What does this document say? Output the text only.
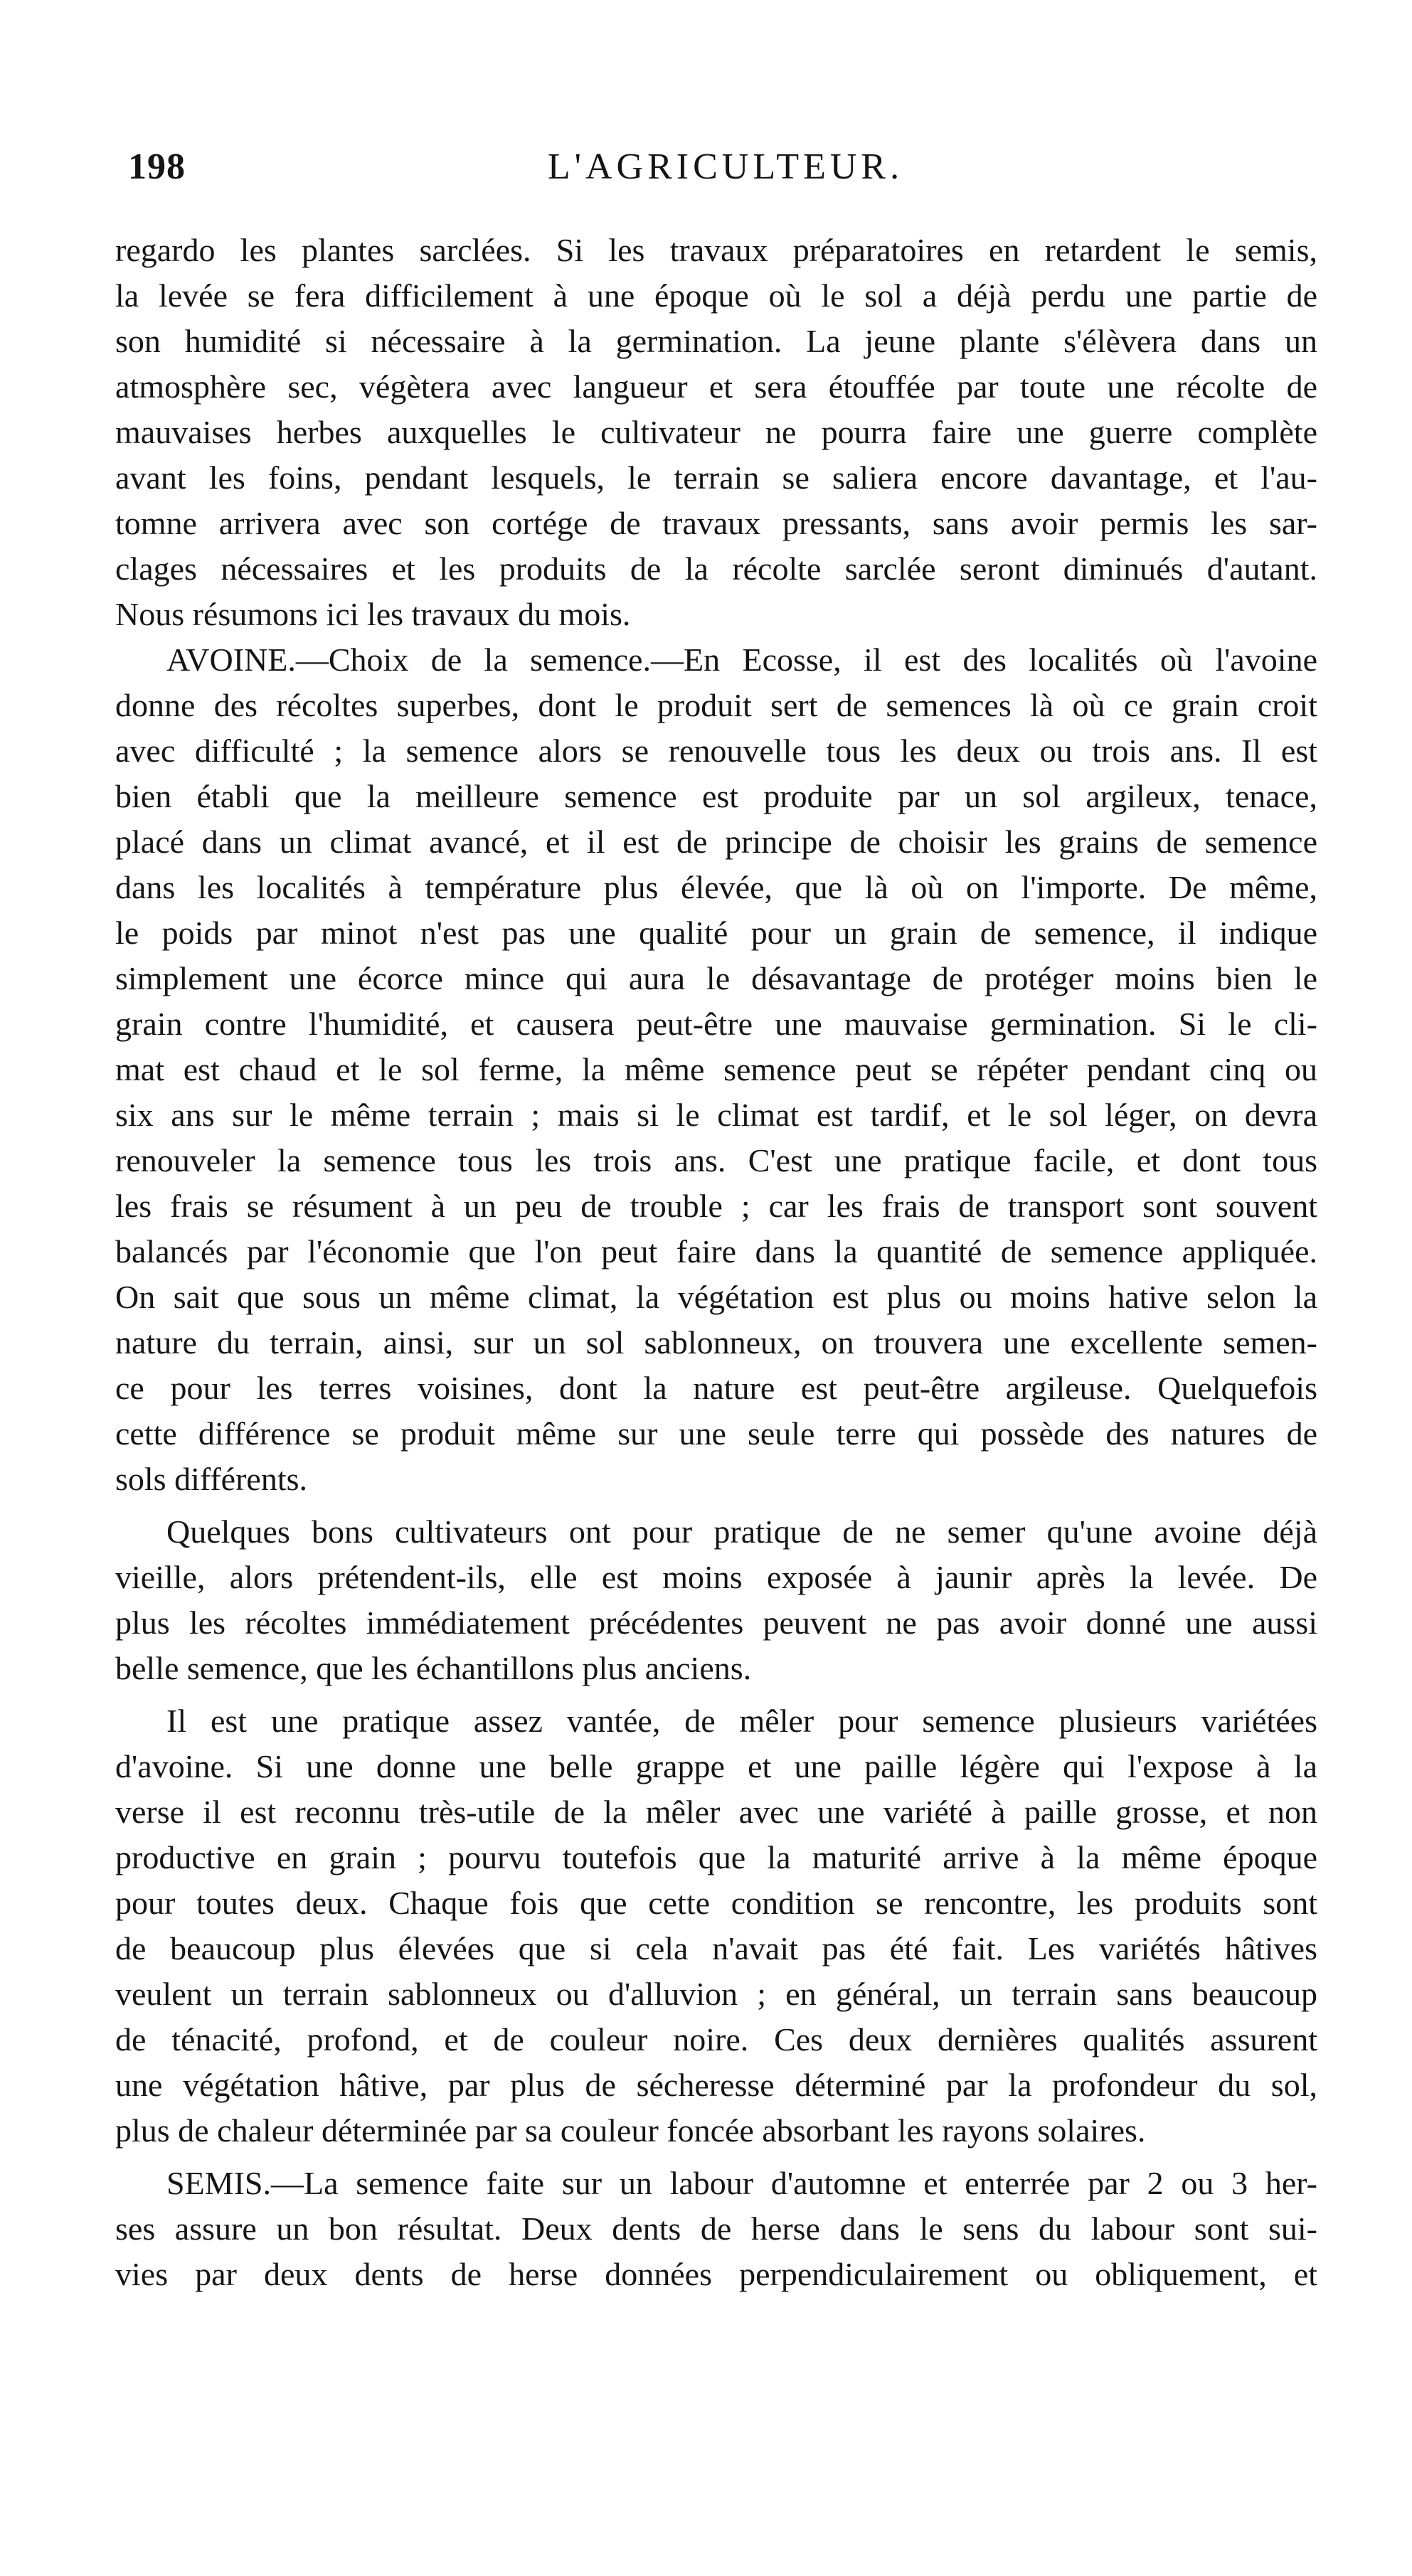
198	L'AGRICULTEUR.
regardo les plantes sarclées. Si les travaux préparatoires en retardent le semis,
la levée se fera difficilement à une époque où le sol a déjà perdu une partie de
son humidité si nécessaire à la germination. La jeune plante s'élèvera dans un
atmosphère sec, végètera avec langueur et sera étouffée par toute une récolte de
mauvaises herbes auxquelles le cultivateur ne pourra faire une guerre complète
avant les foins, pendant lesquels, le terrain se saliera encore davantage, et l'au-
tomne arrivera avec son cortége de travaux pressants, sans avoir permis les sar-
clages nécessaires et les produits de la récolte sarclée seront diminués d'autant.
Nous résumons ici les travaux du mois.
AVOINE.—Choix de la semence.—En Ecosse, il est des localités où l'avoine
donne des récoltes superbes, dont le produit sert de semences là où ce grain croit
avec difficulté ; la semence alors se renouvelle tous les deux ou trois ans. Il est
bien établi que la meilleure semence est produite par un sol argileux, tenace,
placé dans un climat avancé, et il est de principe de choisir les grains de semence
dans les localités à température plus élevée, que là où on l'importe. De même,
le poids par minot n'est pas une qualité pour un grain de semence, il indique
simplement une écorce mince qui aura le désavantage de protéger moins bien le
grain contre l'humidité, et causera peut-être une mauvaise germination. Si le cli-
mat est chaud et le sol ferme, la même semence peut se répéter pendant cinq ou
six ans sur le même terrain ; mais si le climat est tardif, et le sol léger, on devra
renouveler la semence tous les trois ans. C'est une pratique facile, et dont tous
les frais se résument à un peu de trouble ; car les frais de transport sont souvent
balancés par l'économie que l'on peut faire dans la quantité de semence appliquée.
On sait que sous un même climat, la végétation est plus ou moins hative selon la
nature du terrain, ainsi, sur un sol sablonneux, on trouvera une excellente semen-
ce pour les terres voisines, dont la nature est peut-être argileuse. Quelquefois
cette différence se produit même sur une seule terre qui possède des natures de
sols différents.
Quelques bons cultivateurs ont pour pratique de ne semer qu'une avoine déjà
vieille, alors prétendent-ils, elle est moins exposée à jaunir après la levée. De
plus les récoltes immédiatement précédentes peuvent ne pas avoir donné une aussi
belle semence, que les échantillons plus anciens.
Il est une pratique assez vantée, de mêler pour semence plusieurs variétées
d'avoine. Si une donne une belle grappe et une paille légère qui l'expose à la
verse il est reconnu très-utile de la mêler avec une variété à paille grosse, et non
productive en grain ; pourvu toutefois que la maturité arrive à la même époque
pour toutes deux. Chaque fois que cette condition se rencontre, les produits sont
de beaucoup plus élevées que si cela n'avait pas été fait. Les variétés hâtives
veulent un terrain sablonneux ou d'alluvion ; en général, un terrain sans beaucoup
de ténacité, profond, et de couleur noire. Ces deux dernières qualités assurent
une végétation hâtive, par plus de sécheresse déterminé par la profondeur du sol,
plus de chaleur déterminée par sa couleur foncée absorbant les rayons solaires.
SEMIS.—La semence faite sur un labour d'automne et enterrée par 2 ou 3 her-
ses assure un bon résultat. Deux dents de herse dans le sens du labour sont sui-
vies par deux dents de herse données perpendiculairement ou obliquement, et
